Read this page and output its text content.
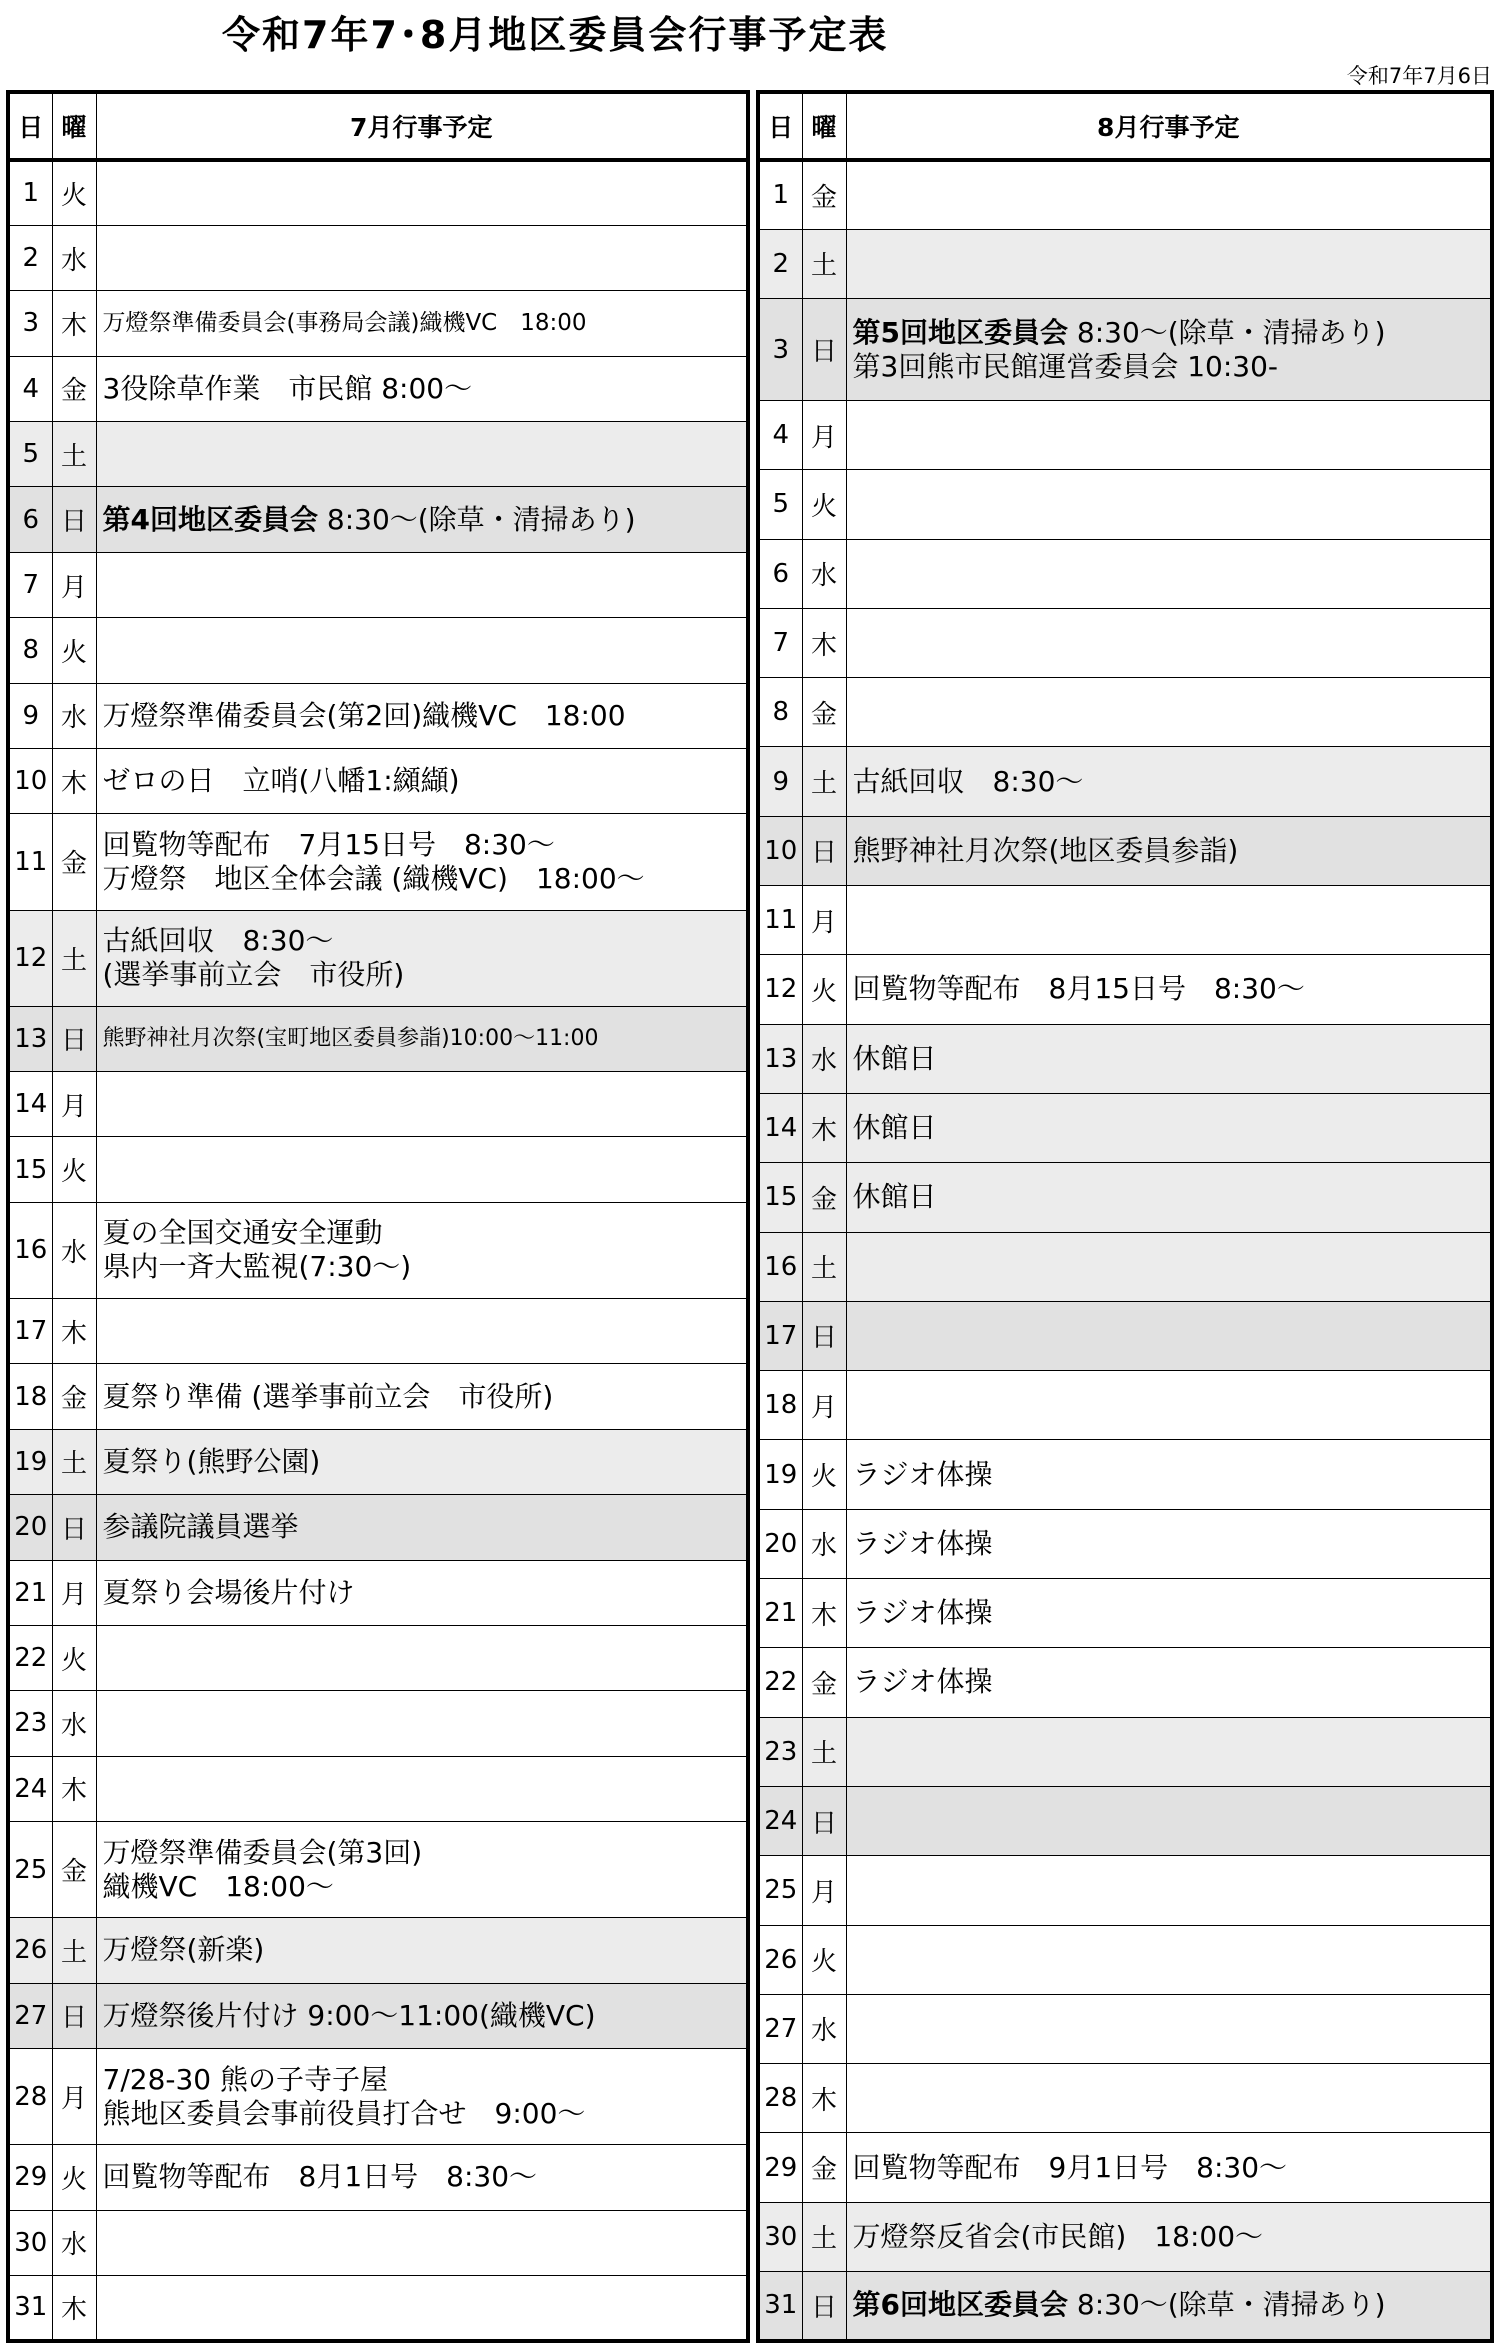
令和7年7･8月地区委員会行事予定表
令和7年7月6日
日	曜	7月行事予定
1	火	
2	水	
3	木	万燈祭準備委員会(事務局会議)織機VC　18:00

4	金	3役除草作業　市民館 8:00～

5	土	
6	日	第4回地区委員会 8:30～(除草・清掃あり)

7	月	
8	火	
9	水	万燈祭準備委員会(第2回)織機VC　18:00

10	木	ゼロの日　立哨(八幡1:纐纈)

11	金	回覧物等配布　7月15日号　8:30～
万燈祭　地区全体会議 (織機VC)　18:00～

12	土	古紙回収　8:30～
(選挙事前立会　市役所)

13	日	熊野神社月次祭(宝町地区委員参詣)10:00～11:00

14	月	
15	火	
16	水	夏の全国交通安全運動
県内一斉大監視(7:30～)

17	木	
18	金	夏祭り準備 (選挙事前立会　市役所)

19	土	夏祭り(熊野公園)

20	日	参議院議員選挙

21	月	夏祭り会場後片付け

22	火	
23	水	
24	木	
25	金	万燈祭準備委員会(第3回)
織機VC　18:00～

26	土	万燈祭(新楽)

27	日	万燈祭後片付け 9:00～11:00(織機VC)

28	月	7/28-30 熊の子寺子屋
熊地区委員会事前役員打合せ　9:00～

29	火	回覧物等配布　8月1日号　8:30～

30	水	
31	木	
日	曜	8月行事予定
1	金	
2	土	
3	日	第5回地区委員会 8:30～(除草・清掃あり)
第3回熊市民館運営委員会 10:30-

4	月	
5	火	
6	水	
7	木	
8	金	
9	土	古紙回収　8:30～

10	日	熊野神社月次祭(地区委員参詣)

11	月	
12	火	回覧物等配布　8月15日号　8:30～

13	水	休館日

14	木	休館日

15	金	休館日

16	土	
17	日	
18	月	
19	火	ラジオ体操

20	水	ラジオ体操

21	木	ラジオ体操

22	金	ラジオ体操

23	土	
24	日	
25	月	
26	火	
27	水	
28	木	
29	金	回覧物等配布　9月1日号　8:30～

30	土	万燈祭反省会(市民館)　18:00～

31	日	第6回地区委員会 8:30～(除草・清掃あり)
